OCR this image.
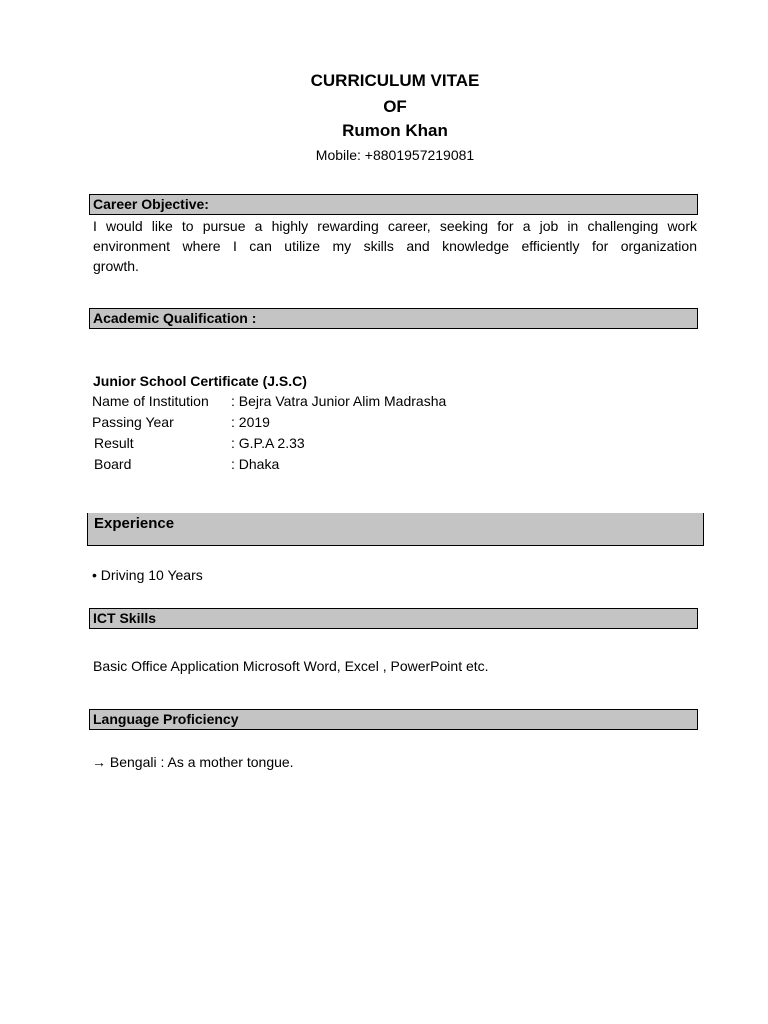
CURRICULUM VITAE
OF
Rumon Khan
Mobile: +8801957219081
Career Objective:
I would like to pursue a highly rewarding career, seeking for a job in challenging work
environment where I can utilize my skills and knowledge efficiently for organization
growth.
Academic Qualification :
Junior School Certificate (J.S.C)
Name of Institution : Bejra Vatra Junior Alim Madrasha
Passing Year	: 2019
Result	: G.P.A 2.33
Board	: Dhaka
Experience
• Driving 10 Years
ICT Skills
Basic Office Application Microsoft Word, Excel , PowerPoint etc.
Language Proficiency
→ Bengali : As a mother tongue.
